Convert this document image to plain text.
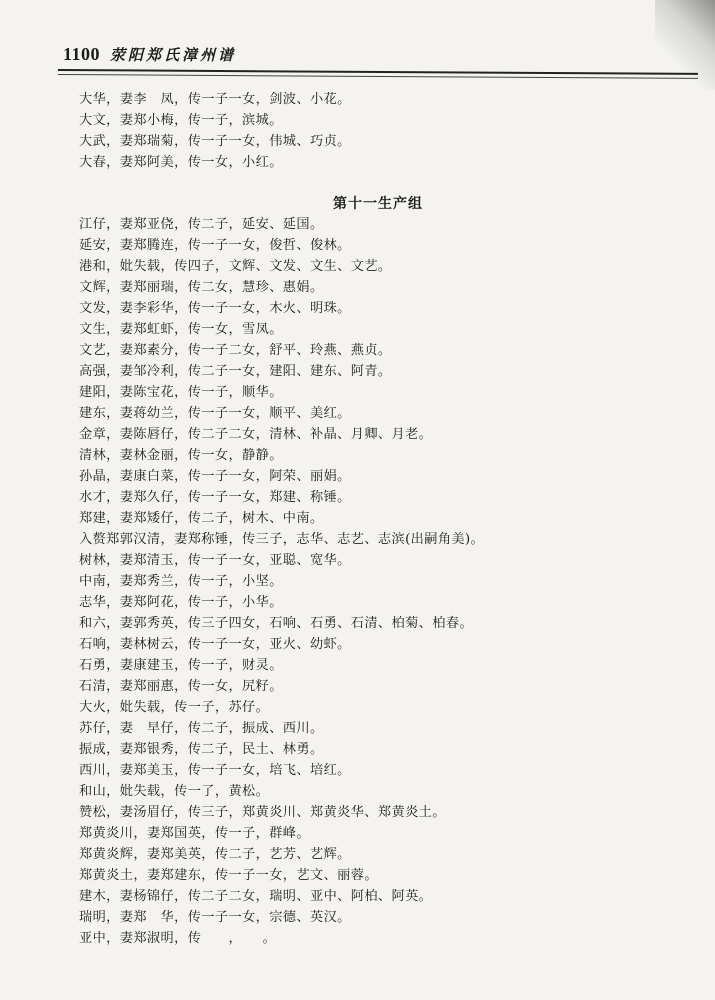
1100 荥阳郑氏漳州谱
大华，妻李　凤，传一子一女，剑波、小花。
大文，妻郑小梅，传一子，滨城。
大武，妻郑瑞菊，传一子一女，伟城、巧贞。
大春，妻郑阿美，传一女，小红。
第十一生产组
江仔，妻郑亚侥，传二子，延安、延国。
延安，妻郑腾连，传一子一女，俊哲、俊林。
港和，妣失载，传四子，文辉、文发、文生、文艺。
文辉，妻郑丽瑞，传二女，慧珍、惠娟。
文发，妻李彩华，传一子一女，木火、明珠。
文生，妻郑虹虾，传一女，雪凤。
文艺，妻郑素分，传一子二女，舒平、玲燕、燕贞。
高强，妻邹冷利，传二子一女，建阳、建东、阿青。
建阳，妻陈宝花，传一子，顺华。
建东，妻蒋幼兰，传一子一女，顺平、美红。
金章，妻陈唇仔，传二子二女，清林、补晶、月卿、月老。
清林，妻林金丽，传一女，静静。
孙晶，妻康白菜，传一子一女，阿荣、丽娟。
水才，妻郑久仔，传一子一女，郑建、称锤。
郑建，妻郑矮仔，传二子，树木、中南。
入赘郑郭汉清，妻郑称锤，传三子，志华、志艺、志滨(出嗣角美)。
树林，妻郑清玉，传一子一女，亚聪、宽华。
中南，妻郑秀兰，传一子，小坚。
志华，妻郑阿花，传一子，小华。
和六，妻郭秀英，传三子四女，石响、石勇、石清、柏菊、柏春。
石响，妻林树云，传一子一女，亚火、幼虾。
石勇，妻康建玉，传一子，财灵。
石清，妻郑丽惠，传一女，尻籽。
大火，妣失载，传一子，苏仔。
苏仔，妻　早仔，传二子，振成、西川。
振成，妻郑银秀，传二子，民土、林勇。
西川，妻郑美玉，传一子一女，培飞、培红。
和山，妣失载，传一了，黄松。
赞松，妻汤眉仔，传三子，郑黄炎川、郑黄炎华、郑黄炎土。
郑黄炎川，妻郑国英，传一子，群峰。
郑黄炎辉，妻郑美英，传二子，艺芳、艺辉。
郑黄炎土，妻郑建东，传一子一女，艺文、丽蓉。
建木，妻杨锦仔，传二子二女，瑞明、亚中、阿柏、阿英。
瑞明，妻郑　华，传一子一女，宗德、英汉。
亚中，妻郑淑明，传　　，　　。
